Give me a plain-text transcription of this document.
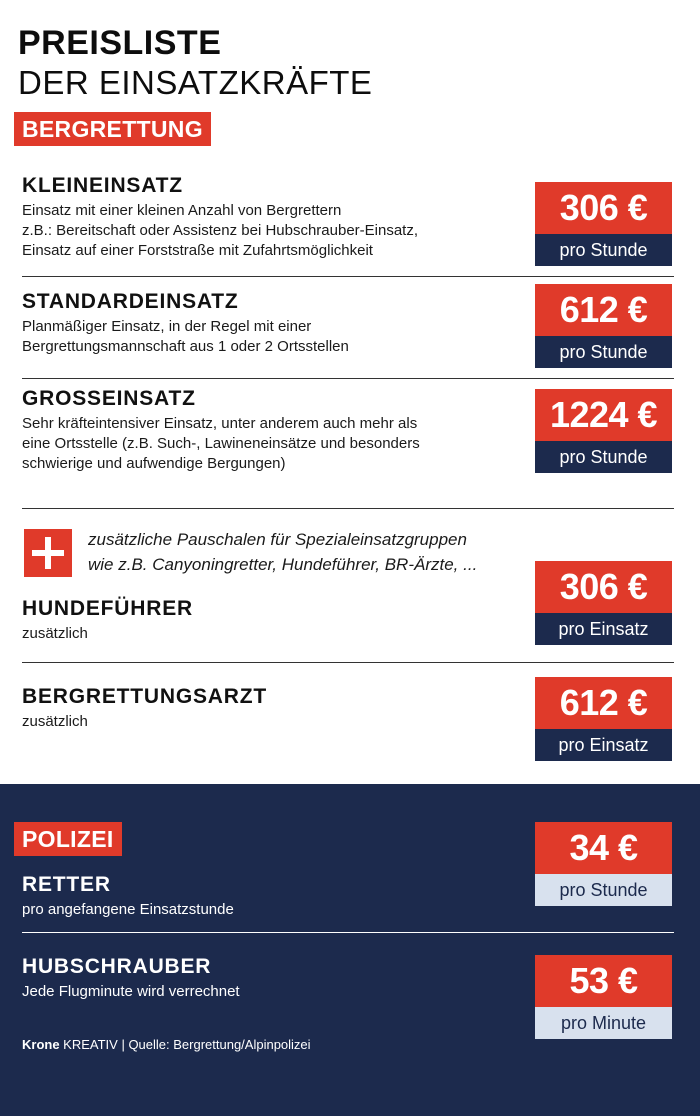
PREISLISTE
DER EINSATZKRÄFTE
BERGRETTUNG
KLEINEINSATZ

Einsatz mit einer kleinen Anzahl von Bergrettern
z.B.: Bereitschaft oder Assistenz bei Hubschrauber-Einsatz,
Einsatz auf einer Forststraße mit Zufahrtsmöglichkeit

306 €
pro Stunde
STANDARDEINSATZ

Planmäßiger Einsatz, in der Regel mit einer
Bergrettungsmannschaft aus 1 oder 2 Ortsstellen

612 €
pro Stunde
GROSSEINSATZ

Sehr kräfteintensiver Einsatz, unter anderem auch mehr als
eine Ortsstelle (z.B. Such-, Lawineneinsätze und besonders
schwierige und aufwendige Bergungen)

1224 €
pro Stunde
zusätzliche Pauschalen für Spezialeinsatzgruppen
wie z.B. Canyoningretter, Hundeführer, BR-Ärzte, ...
HUNDEFÜHRER

zusätzlich

306 €
pro Einsatz
BERGRETTUNGSARZT

zusätzlich	612 €
pro Einsatz
POLIZEI
RETTER

pro angefangene Einsatzstunde

34 €
pro Stunde
HUBSCHRAUBER

Jede Flugminute wird verrechnet	53 €
pro Minute
Krone KREATIV | Quelle: Bergrettung/Alpinpolizei
